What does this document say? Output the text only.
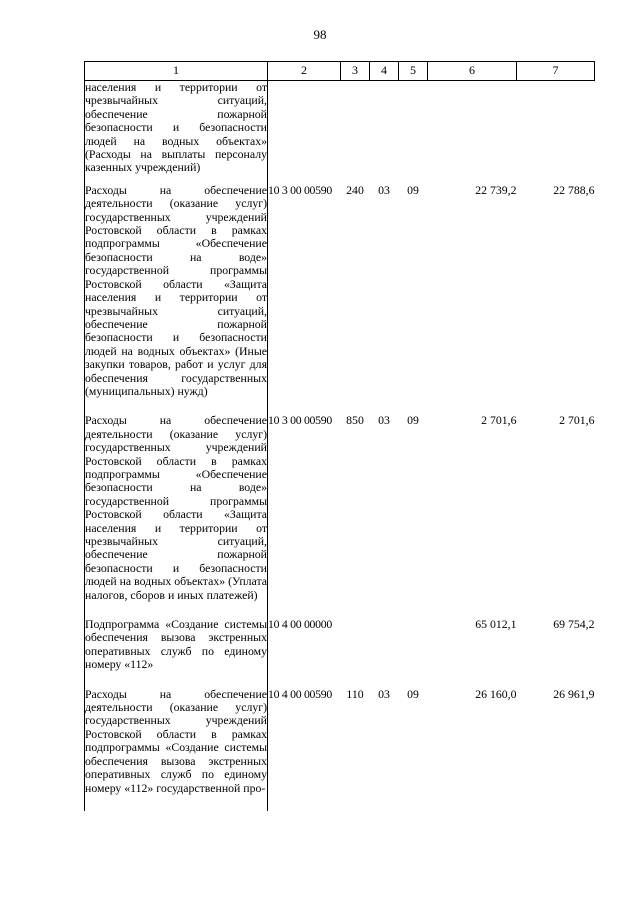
98
1	2	3	4	5	6	7
населения и территории от чрезвычайных ситуаций, обеспечение пожарной безопасности и безопасности людей на водных объектах» (Расходы на выплаты персоналу казенных учреждений)						
Расходы на обеспечение деятельности (оказание услуг) государственных учреждений Ростовской области в рамках подпрограммы «Обеспечение безопасности на воде» государственной программы Ростовской области «Защита населения и территории от чрезвычайных ситуаций, обеспечение пожарной безопасности и безопасности людей на водных объектах» (Иные закупки товаров, работ и услуг для обеспечения государственных (муниципальных) нужд)	10 3 00 00590	240	03	09	22 739,2	22 788,6
Расходы на обеспечение деятельности (оказание услуг) государственных учреждений Ростовской области в рамках подпрограммы «Обеспечение безопасности на воде» государственной программы Ростовской области «Защита населения и территории от чрезвычайных ситуаций, обеспечение пожарной безопасности и безопасности людей на водных объектах» (Уплата налогов, сборов и иных платежей)	10 3 00 00590	850	03	09	2 701,6	2 701,6
Подпрограмма «Создание системы обеспечения вызова экстренных оперативных служб по единому номеру «112»	10 4 00 00000				65 012,1	69 754,2
Расходы на обеспечение деятельности (оказание услуг) государственных учреждений Ростовской области в рамках подпрограммы «Создание системы обеспечения вызова экстренных оперативных служб по единому номеру «112» государственной про-	10 4 00 00590	110	03	09	26 160,0	26 961,9
